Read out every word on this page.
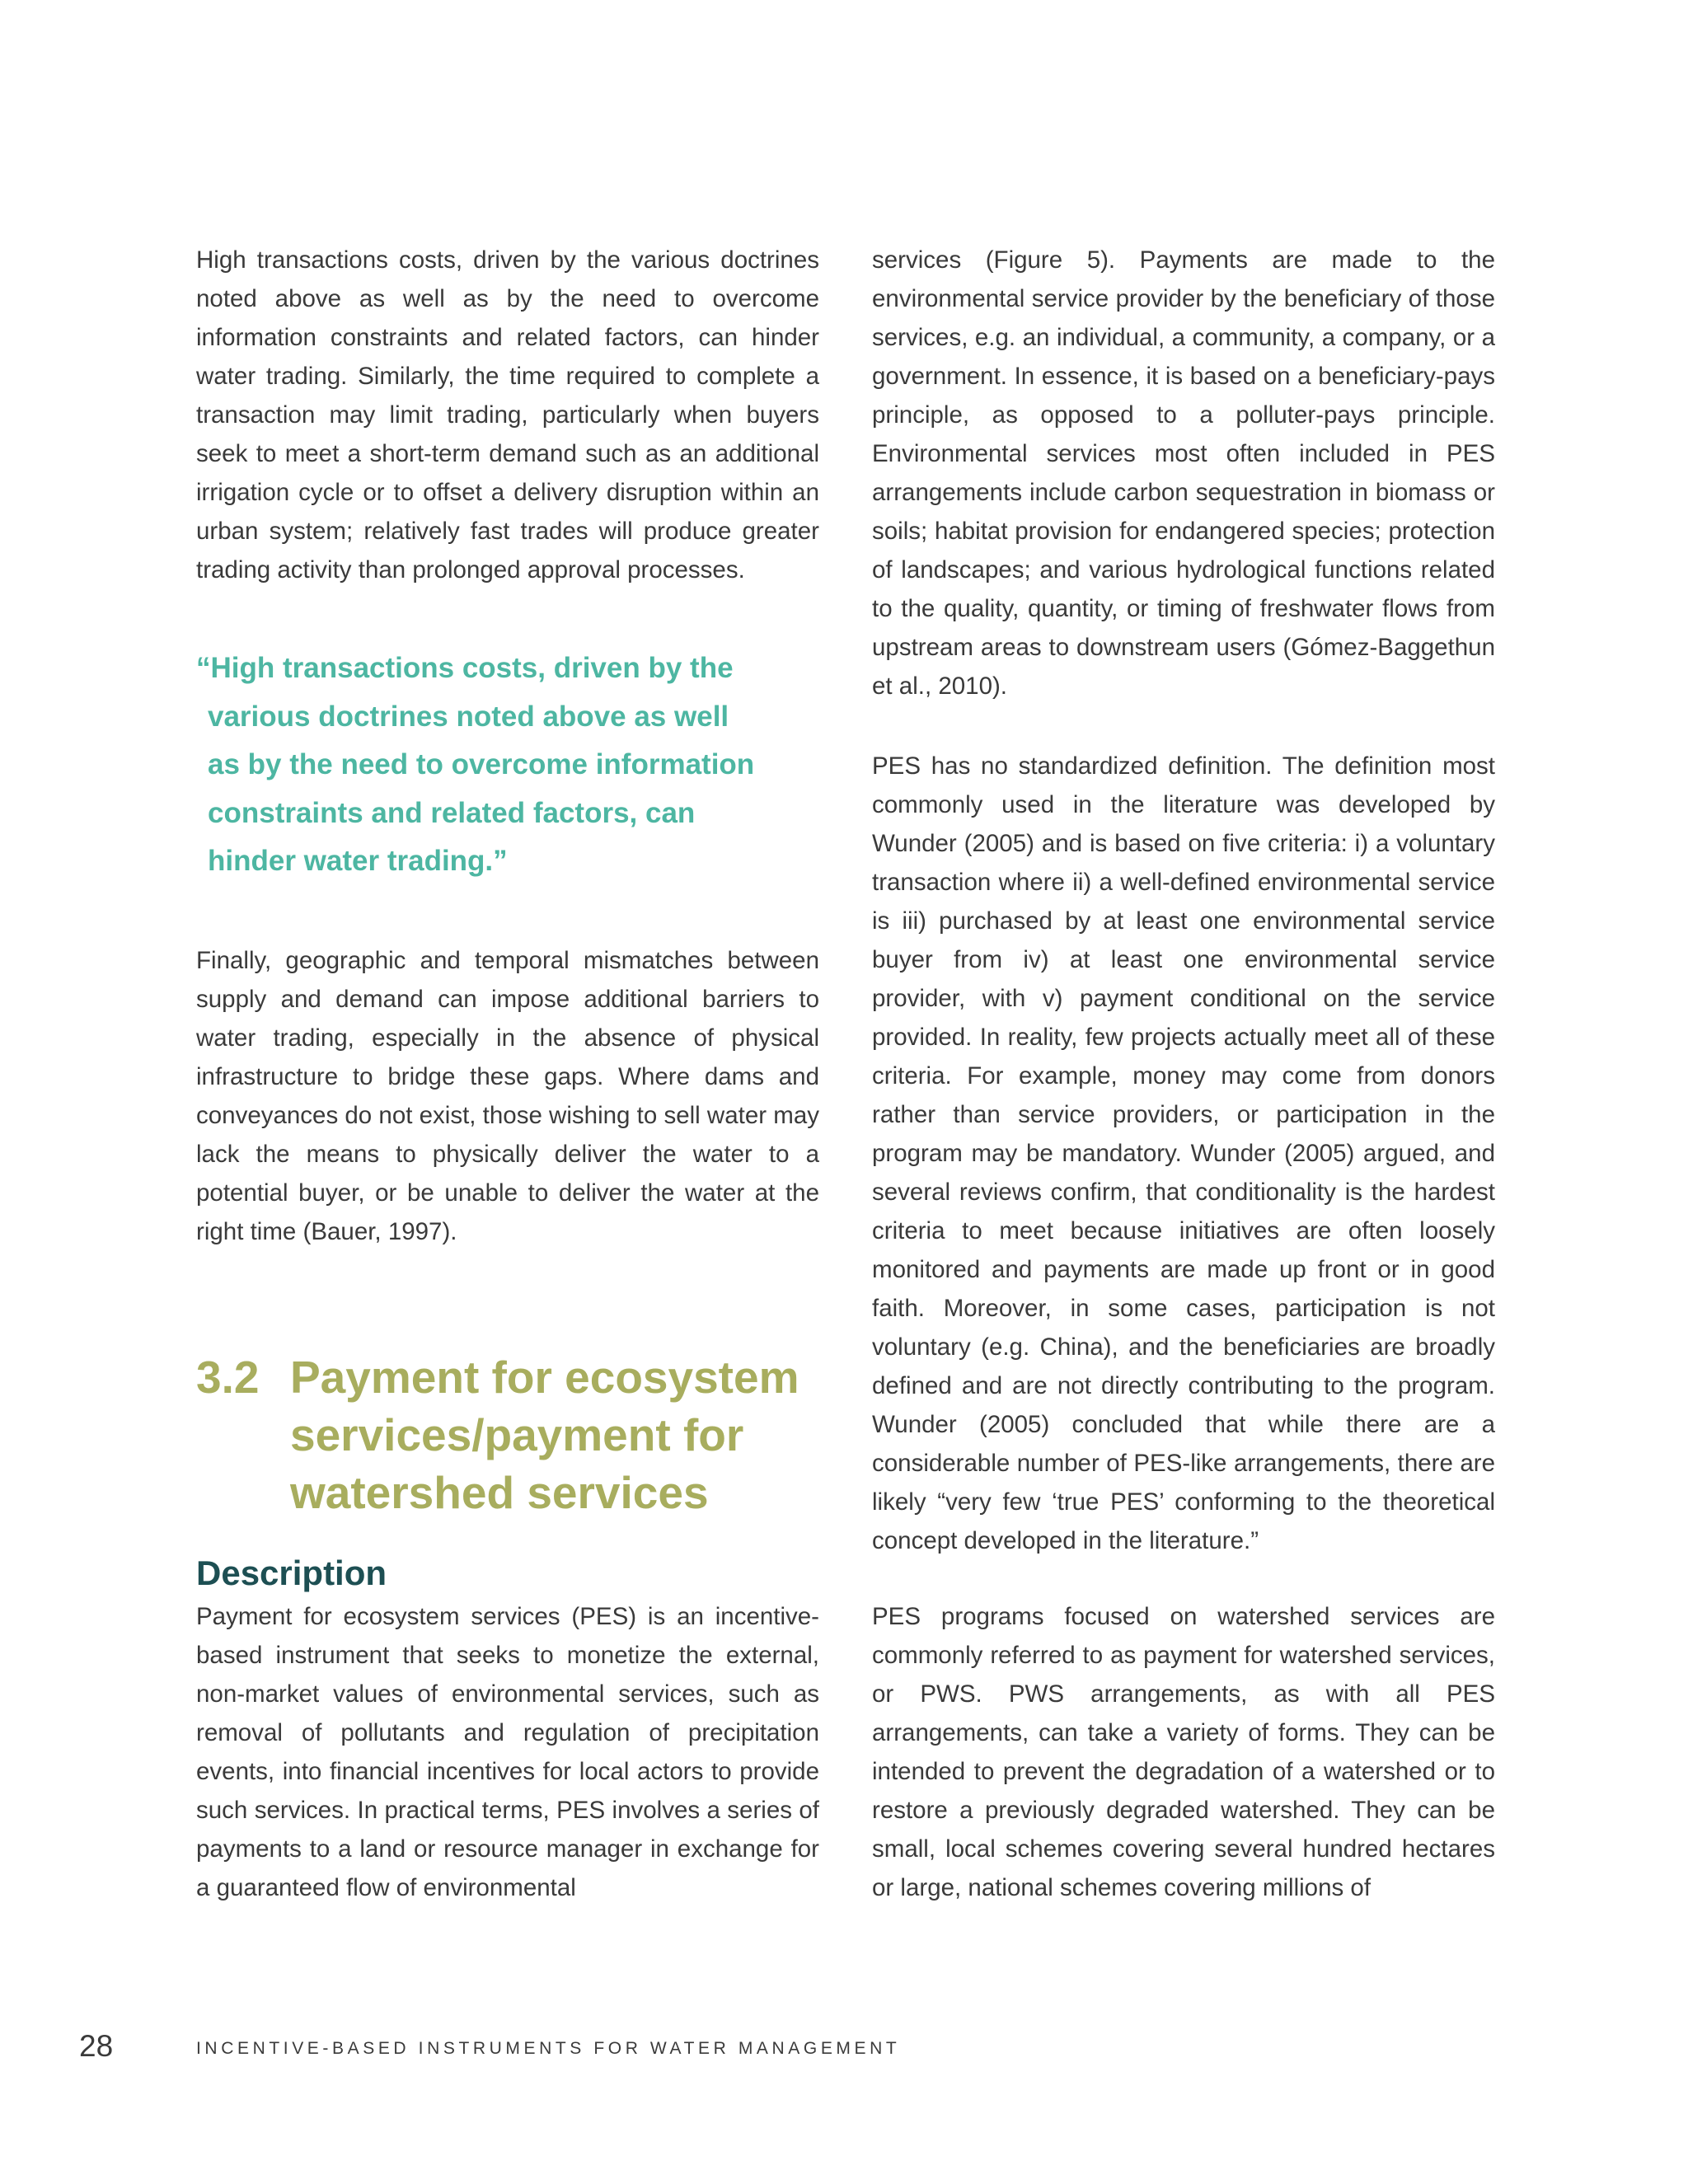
High transactions costs, driven by the various doctrines noted above as well as by the need to overcome information constraints and related factors, can hinder water trading. Similarly, the time required to complete a transaction may limit trading, particularly when buyers seek to meet a short-term demand such as an additional irrigation cycle or to offset a delivery disruption within an urban system; relatively fast trades will produce greater trading activity than prolonged approval processes.

“High transactions costs, driven by the
various doctrines noted above as well
as by the need to overcome information
constraints and related factors, can
hinder water trading.”

Finally, geographic and temporal mismatches between supply and demand can impose additional barriers to water trading, especially in the absence of physical infrastructure to bridge these gaps. Where dams and conveyances do not exist, those wishing to sell water may lack the means to physically deliver the water to a potential buyer, or be unable to deliver the water at the right time (Bauer, 1997).

3.2 Payment for ecosystem
services/payment for
watershed services
Description

Payment for ecosystem services (PES) is an incentive-based instrument that seeks to monetize the external, non-market values of environmental services, such as removal of pollutants and regulation of precipitation events, into financial incentives for local actors to provide such services. In practical terms, PES involves a series of payments to a land or resource manager in exchange for a guaranteed flow of environmental

services (Figure 5). Payments are made to the environmental service provider by the beneficiary of those services, e.g. an individual, a community, a company, or a government. In essence, it is based on a beneficiary-pays principle, as opposed to a polluter-pays principle. Environmental services most often included in PES arrangements include carbon sequestration in biomass or soils; habitat provision for endangered species; protection of landscapes; and various hydrological functions related to the quality, quantity, or timing of freshwater flows from upstream areas to downstream users (Gómez-Baggethun et al., 2010).

PES has no standardized definition. The definition most commonly used in the literature was developed by Wunder (2005) and is based on five criteria: i) a voluntary transaction where ii) a well-defined environmental service is iii) purchased by at least one environmental service buyer from iv) at least one environmental service provider, with v) payment conditional on the service provided. In reality, few projects actually meet all of these criteria. For example, money may come from donors rather than service providers, or participation in the program may be mandatory. Wunder (2005) argued, and several reviews confirm, that conditionality is the hardest criteria to meet because initiatives are often loosely monitored and payments are made up front or in good faith. Moreover, in some cases, participation is not voluntary (e.g. China), and the beneficiaries are broadly defined and are not directly contributing to the program. Wunder (2005) concluded that while there are a considerable number of PES-like arrangements, there are likely “very few ‘true PES’ conforming to the theoretical concept developed in the literature.”

PES programs focused on watershed services are commonly referred to as payment for watershed services, or PWS. PWS arrangements, as with all PES arrangements, can take a variety of forms. They can be intended to prevent the degradation of a watershed or to restore a previously degraded watershed. They can be small, local schemes covering several hundred hectares or large, national schemes covering millions of

28	INCENTIVE-BASED INSTRUMENTS FOR WATER MANAGEMENT
